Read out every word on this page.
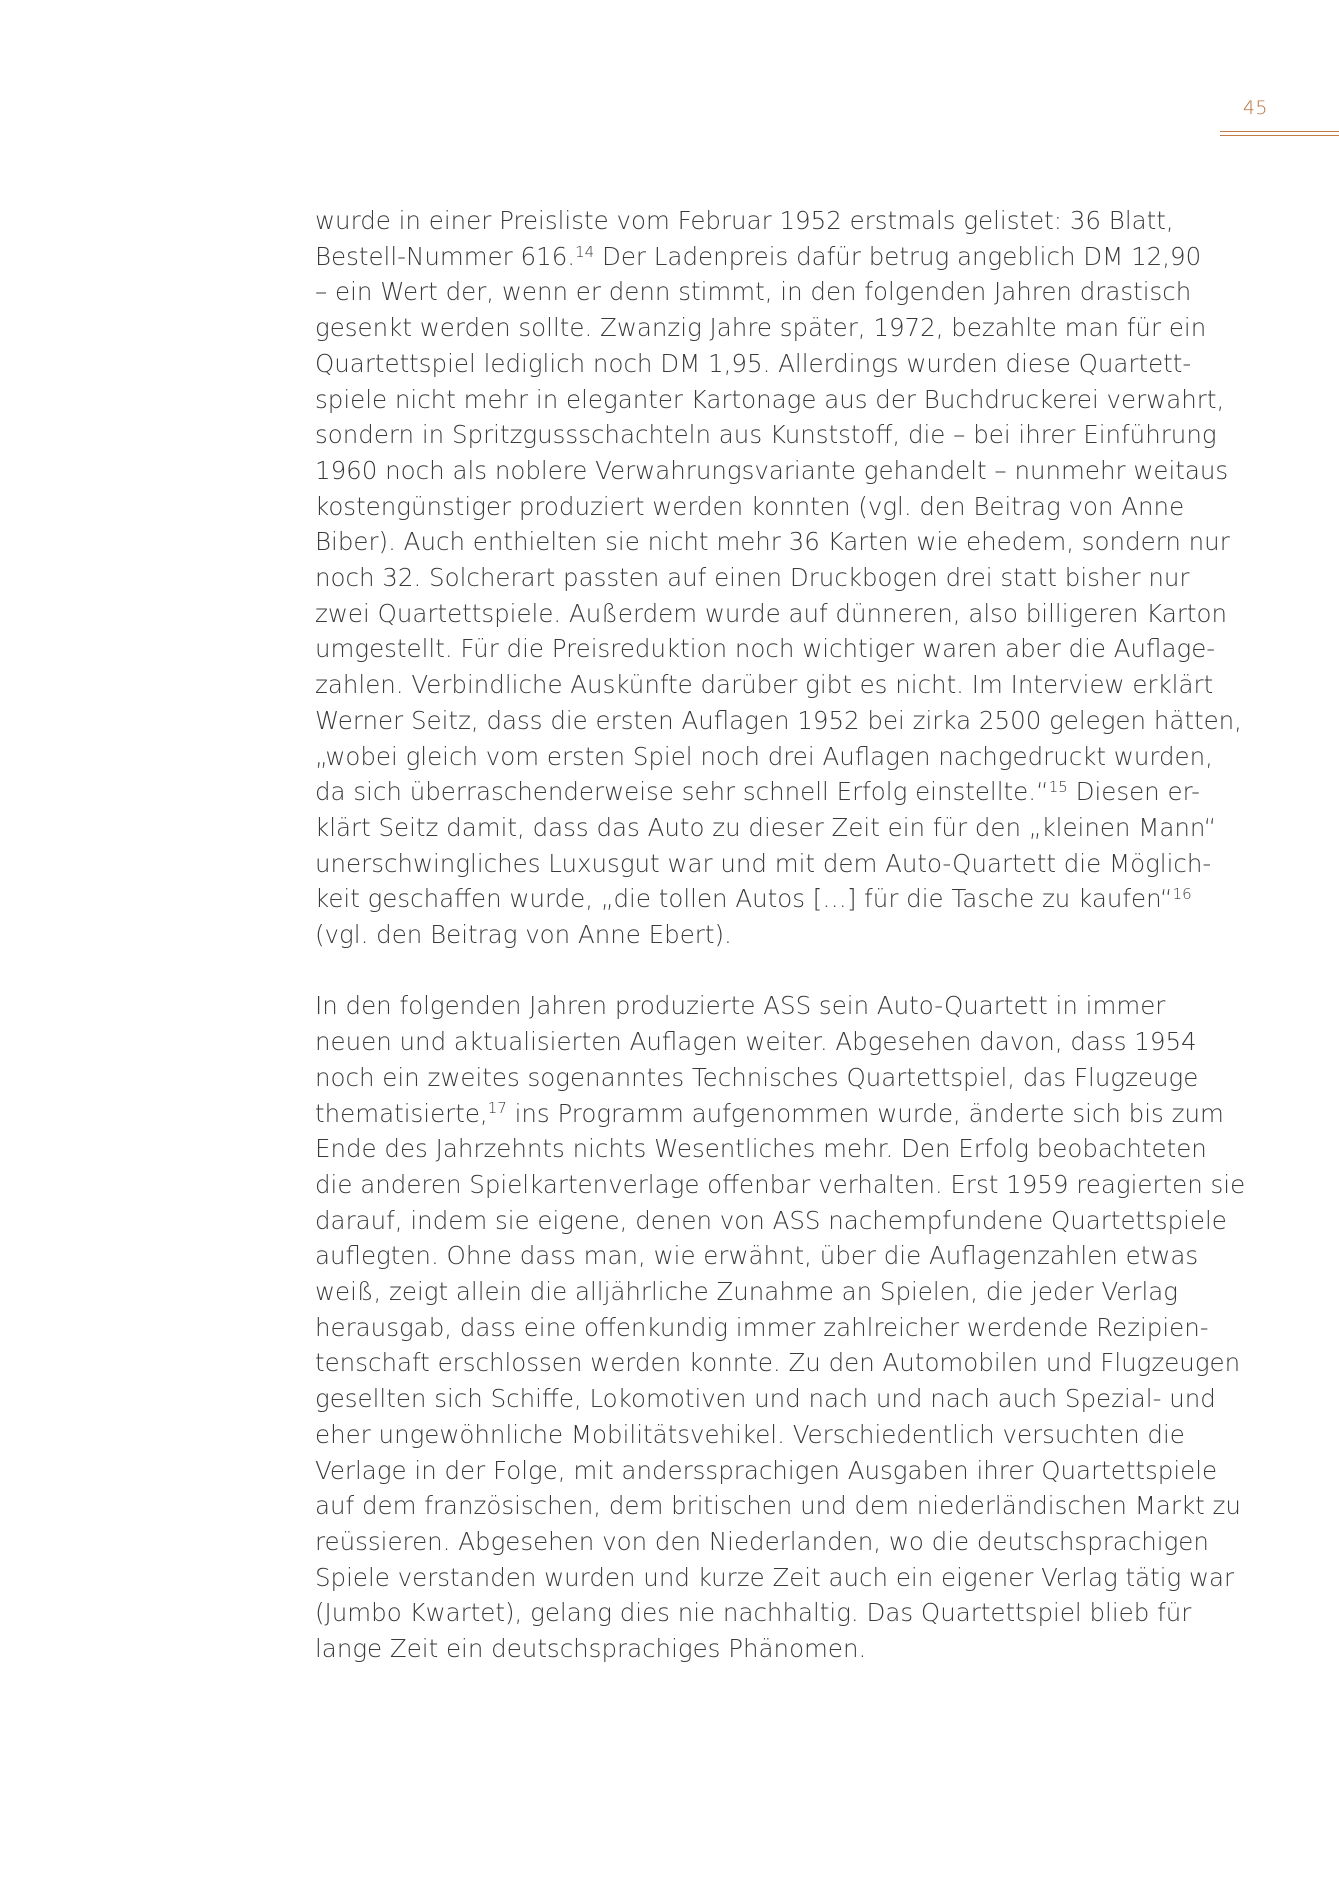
45
wurde in einer Preisliste vom Februar 1952 erstmals gelistet: 36 Blatt,
Bestell-Nummer 616.14 Der Ladenpreis dafür betrug angeblich DM 12,90
– ein Wert der, wenn er denn stimmt, in den folgenden Jahren drastisch
gesenkt werden sollte. Zwanzig Jahre später, 1972, bezahlte man für ein
Quartettspiel lediglich noch DM 1,95. Allerdings wurden diese Quartett-
spiele nicht mehr in eleganter Kartonage aus der Buchdruckerei verwahrt,
sondern in Spritzgussschachteln aus Kunststoff, die – bei ihrer Einführung
1960 noch als noblere Verwahrungsvariante gehandelt – nunmehr weitaus
kostengünstiger produziert werden konnten (vgl. den Beitrag von Anne
Biber). Auch enthielten sie nicht mehr 36 Karten wie ehedem, sondern nur
noch 32. Solcherart passten auf einen Druckbogen drei statt bisher nur
zwei Quartettspiele. Außerdem wurde auf dünneren, also billigeren Karton
umgestellt. Für die Preisreduktion noch wichtiger waren aber die Auflage-
zahlen. Verbindliche Auskünfte darüber gibt es nicht. Im Interview erklärt
Werner Seitz, dass die ersten Auflagen 1952 bei zirka 2500 gelegen hätten,
„wobei gleich vom ersten Spiel noch drei Auflagen nachgedruckt wurden,
da sich überraschenderweise sehr schnell Erfolg einstellte.“$^{15}$ Diesen er-
klärt Seitz damit, dass das Auto zu dieser Zeit ein für den „kleinen Mann“
unerschwingliches Luxusgut war und mit dem Auto-Quartett die Möglich-
keit geschaffen wurde, „die tollen Autos […] für die Tasche zu kaufen“$^{16}$
(vgl. den Beitrag von Anne Ebert).
In den folgenden Jahren produzierte ASS sein Auto-Quartett in immer
neuen und aktualisierten Auflagen weiter. Abgesehen davon, dass 1954
noch ein zweites sogenanntes Technisches Quartettspiel, das Flugzeuge
thematisierte,$^{17}$ ins Programm aufgenommen wurde, änderte sich bis zum
Ende des Jahrzehnts nichts Wesentliches mehr. Den Erfolg beobachteten
die anderen Spielkartenverlage offenbar verhalten. Erst 1959 reagierten sie
darauf, indem sie eigene, denen von ASS nachempfundene Quartettspiele
auflegten. Ohne dass man, wie erwähnt, über die Auflagenzahlen etwas
weiß, zeigt allein die alljährliche Zunahme an Spielen, die jeder Verlag
herausgab, dass eine offenkundig immer zahlreicher werdende Rezipien-
tenschaft erschlossen werden konnte. Zu den Automobilen und Flugzeugen
gesellten sich Schiffe, Lokomotiven und nach und nach auch Spezial- und
eher ungewöhnliche Mobilitätsvehikel. Verschiedentlich versuchten die
Verlage in der Folge, mit anderssprachigen Ausgaben ihrer Quartettspiele
auf dem französischen, dem britischen und dem niederländischen Markt zu
reüssieren. Abgesehen von den Niederlanden, wo die deutschsprachigen
Spiele verstanden wurden und kurze Zeit auch ein eigener Verlag tätig war
(Jumbo Kwartet), gelang dies nie nachhaltig. Das Quartettspiel blieb für
lange Zeit ein deutschsprachiges Phänomen.
